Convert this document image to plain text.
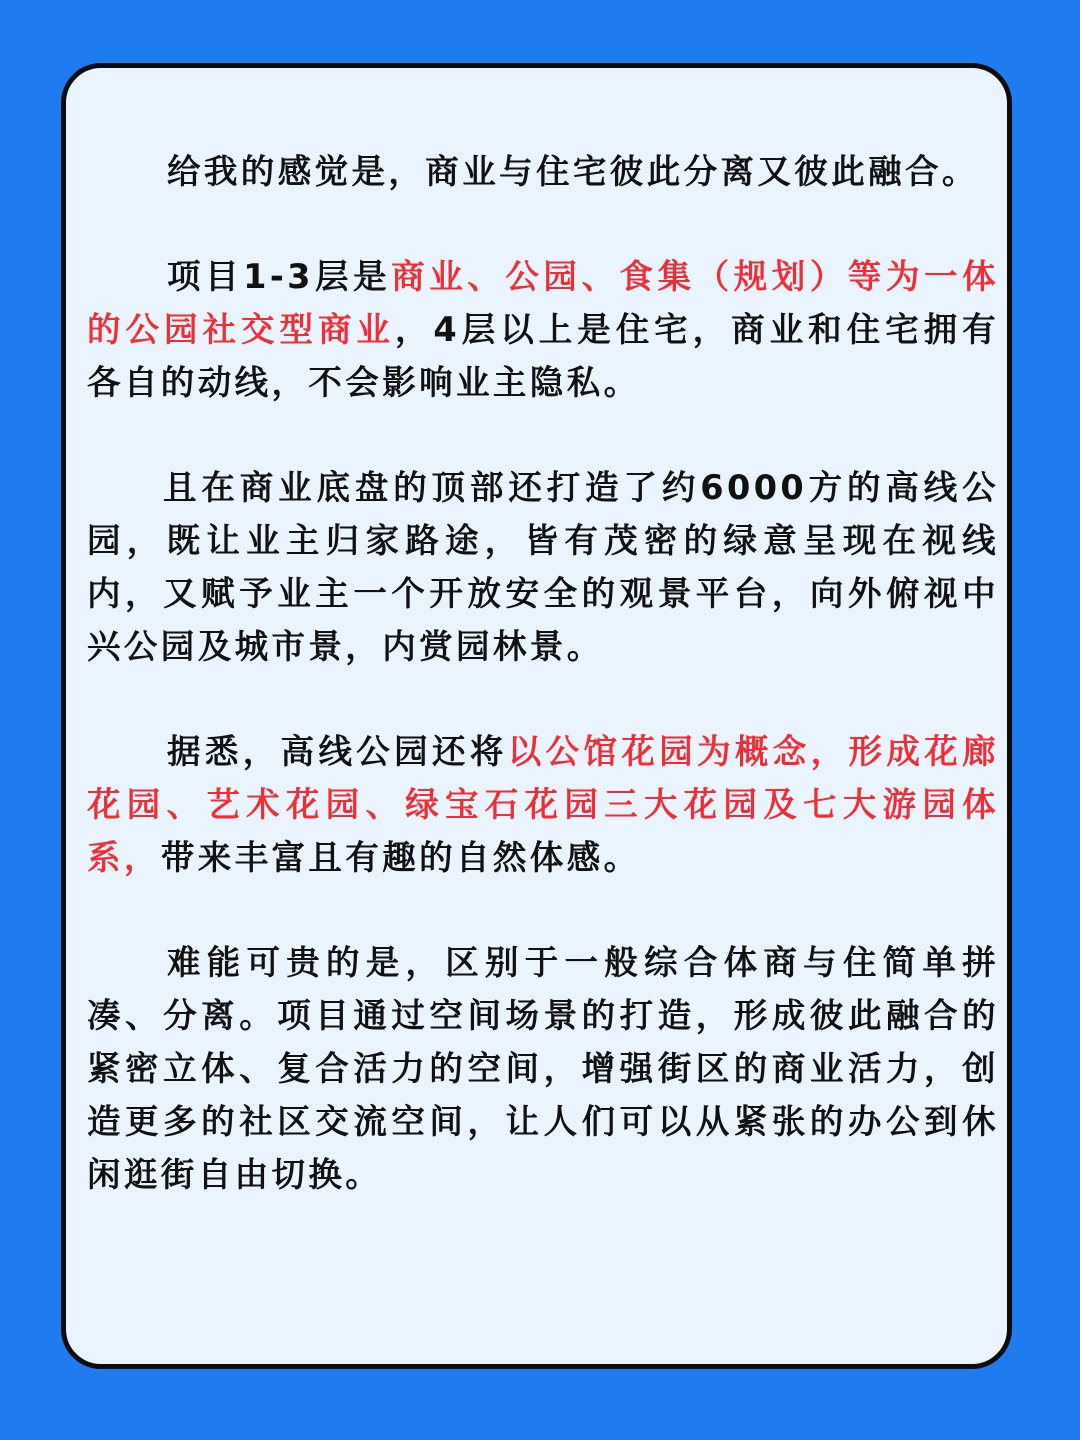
给我的感觉是，商业与住宅彼此分离又彼此融合。

项目1-3层是商业、公园、食集（规划）等为一体的公园社交型商业，4层以上是住宅，商业和住宅拥有各自的动线，不会影响业主隐私。

且在商业底盘的顶部还打造了约6000方的高线公园，既让业主归家路途，皆有茂密的绿意呈现在视线内，又赋予业主一个开放安全的观景平台，向外俯视中兴公园及城市景，内赏园林景。

据悉，高线公园还将以公馆花园为概念，形成花廊花园、艺术花园、绿宝石花园三大花园及七大游园体系，带来丰富且有趣的自然体感。

难能可贵的是，区别于一般综合体商与住简单拼凑、分离。项目通过空间场景的打造，形成彼此融合的紧密立体、复合活力的空间，增强街区的商业活力，创造更多的社区交流空间，让人们可以从紧张的办公到休闲逛街自由切换。
